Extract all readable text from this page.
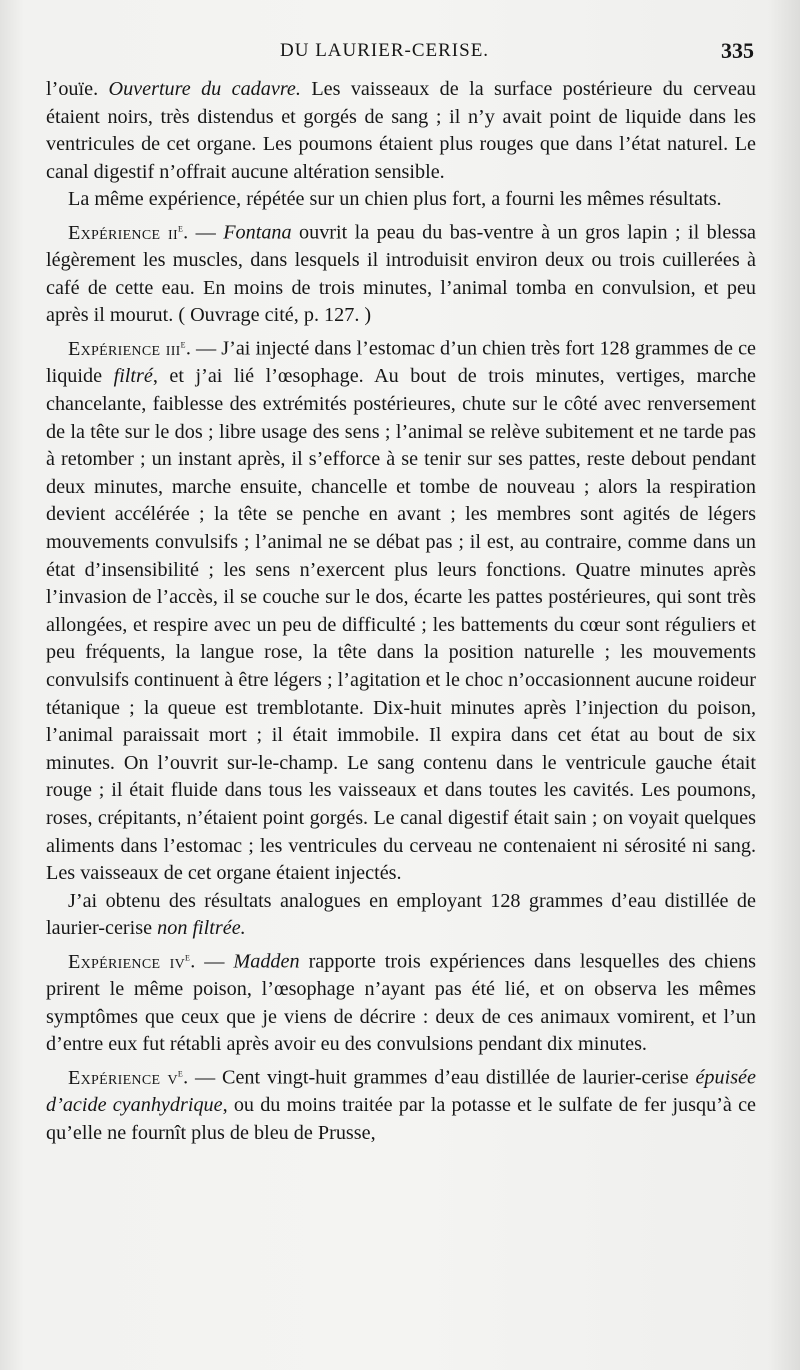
DU LAURIER-CERISE.	335

l’ouïe. Ouverture du cadavre. Les vaisseaux de la surface postérieure du cerveau étaient noirs, très distendus et gorgés de sang ; il n’y avait point de liquide dans les ventricules de cet organe. Les poumons étaient plus rouges que dans l’état naturel. Le canal digestif n’offrait aucune altération sensible.

La même expérience, répétée sur un chien plus fort, a fourni les mêmes résultats.

Expérience $ii^e$. — Fontana ouvrit la peau du bas-ventre à un gros lapin ; il blessa légèrement les muscles, dans lesquels il introduisit environ deux ou trois cuillerées à café de cette eau. En moins de trois minutes, l’animal tomba en convulsion, et peu après il mourut. ( Ouvrage cité, p. 127. )

Expérience iii$^e$. — J’ai injecté dans l’estomac d’un chien très fort 128 grammes de ce liquide filtré, et j’ai lié l’œsophage. Au bout de trois minutes, vertiges, marche chancelante, faiblesse des extrémités postérieures, chute sur le côté avec renversement de la tête sur le dos ; libre usage des sens ; l’animal se relève subitement et ne tarde pas à retomber ; un instant après, il s’efforce à se tenir sur ses pattes, reste debout pendant deux minutes, marche ensuite, chancelle et tombe de nouveau ; alors la respiration devient accélérée ; la tête se penche en avant ; les membres sont agités de légers mouvements convulsifs ; l’animal ne se débat pas ; il est, au contraire, comme dans un état d’insensibilité ; les sens n’exercent plus leurs fonctions. Quatre minutes après l’invasion de l’accès, il se couche sur le dos, écarte les pattes postérieures, qui sont très allongées, et respire avec un peu de difficulté ; les battements du cœur sont réguliers et peu fréquents, la langue rose, la tête dans la position naturelle ; les mouvements convulsifs continuent à être légers ; l’agitation et le choc n’occasionnent aucune roideur tétanique ; la queue est tremblotante. Dix-huit minutes après l’injection du poison, l’animal paraissait mort ; il était immobile. Il expira dans cet état au bout de six minutes. On l’ouvrit sur-le-champ. Le sang contenu dans le ventricule gauche était rouge ; il était fluide dans tous les vaisseaux et dans toutes les cavités. Les poumons, roses, crépitants, n’étaient point gorgés. Le canal digestif était sain ; on voyait quelques aliments dans l’estomac ; les ventricules du cerveau ne contenaient ni sérosité ni sang. Les vaisseaux de cet organe étaient injectés.

J’ai obtenu des résultats analogues en employant 128 grammes d’eau distillée de laurier-cerise non filtrée.

Expérience $iv^e$. — Madden rapporte trois expériences dans lesquelles des chiens prirent le même poison, l’œsophage n’ayant pas été lié, et on observa les mêmes symptômes que ceux que je viens de décrire : deux de ces animaux vomirent, et l’un d’entre eux fut rétabli après avoir eu des convulsions pendant dix minutes.

Expérience $v^e$. — Cent vingt-huit grammes d’eau distillée de laurier-cerise épuisée d’acide cyanhydrique, ou du moins traitée par la potasse et le sulfate de fer jusqu’à ce qu’elle ne fournît plus de bleu de Prusse,
